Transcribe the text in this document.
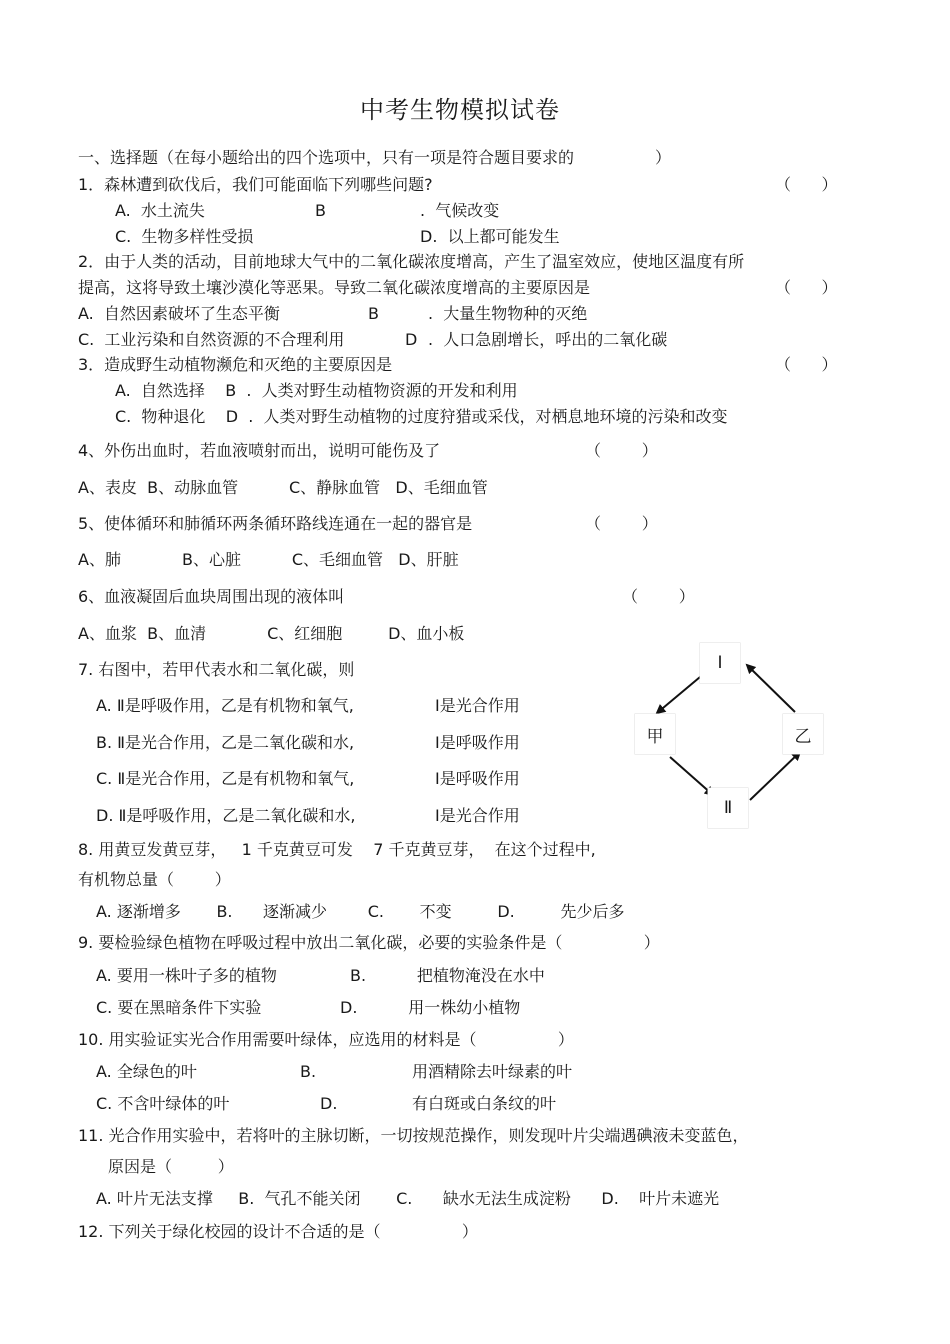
中考生物模拟试卷
一、选择题（在每小题给出的四个选项中，只有一项是符合题目要求的	）
1．森林遭到砍伐后，我们可能面临下列哪些问题?	（      ）
A.  水土流失	B	.  气候改变
C.  生物多样性受损	D.  以上都可能发生
2．由于人类的活动，目前地球大气中的二氧化碳浓度增高，产生了温室效应，使地区温度有所
提高，这将导致土壤沙漠化等恶果。导致二氧化碳浓度增高的主要原因是	（      ）
A.  自然因素破坏了生态平衡	B	.  大量生物物种的灭绝
C.  工业污染和自然资源的不合理利用	D .  人口急剧增长，呼出的二氧化碳
3．造成野生动植物濒危和灭绝的主要原因是	（      ）
A.  自然选择    B  .  人类对野生动植物资源的开发和利用
C.  物种退化    D  .  人类对野生动植物的过度狩猎或采伐，对栖息地环境的污染和改变
4、外伤出血时，若血液喷射而出，说明可能伤及了	（        ）
A、表皮  B、动脉血管          C、静脉血管   D、毛细血管
5、使体循环和肺循环两条循环路线连通在一起的器官是	（        ）
A、肺            B、心脏          C、毛细血管   D、肝脏
6、血液凝固后血块周围出现的液体叫	（        ）
A、血浆  B、血清            C、红细胞         D、血小板
7. 右图中，若甲代表水和二氧化碳，则
A. Ⅱ是呼吸作用，乙是有机物和氧气,	Ⅰ是光合作用
B. Ⅱ是光合作用，乙是二氧化碳和水,	Ⅰ是呼吸作用
C. Ⅱ是光合作用，乙是有机物和氧气,	Ⅰ是呼吸作用
D. Ⅱ是呼吸作用，乙是二氧化碳和水,	Ⅰ是光合作用
Ⅰ
甲	乙
Ⅱ
8. 用黄豆发黄豆芽，   1 千克黄豆可发    7 千克黄豆芽，  在这个过程中,
有机物总量（        ）
A. 逐渐增多       B.      逐渐减少        C.       不变         D.         先少后多
9. 要检验绿色植物在呼吸过程中放出二氧化碳，必要的实验条件是（                ）
A. 要用一株叶子多的植物	B.          把植物淹没在水中
C. 要在黑暗条件下实验	D.          用一株幼小植物
10. 用实验证实光合作用需要叶绿体，应选用的材料是（                ）
A. 全绿色的叶	B.	用酒精除去叶绿素的叶
C. 不含叶绿体的叶	D.	有白斑或白条纹的叶
11. 光合作用实验中，若将叶的主脉切断，一切按规范操作，则发现叶片尖端遇碘液未变蓝色，
原因是（         ）
A. 叶片无法支撑     B.  气孔不能关闭       C.      缺水无法生成淀粉      D.    叶片未遮光
12. 下列关于绿化校园的设计不合适的是（                ）
